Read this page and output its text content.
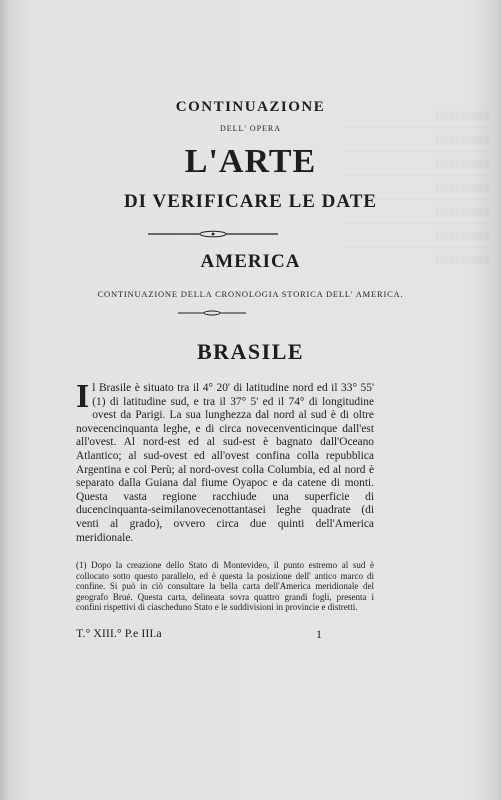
||||||||||||||||||||||||||||||
~~~~~~~~~~~~~~~~~~~~~~~~~~~~~~
||||||||||||||||||||||||||||||
~~~~~~~~~~~~~~~~~~~~~~~~~~~~~~
||||||||||||||||||||||||||||||
~~~~~~~~~~~~~~~~~~~~~~~~~~~~~~
||||||||||||||||||||||||||||||
~~~~~~~~~~~~~~~~~~~~~~~~~~~~~~
||||||||||||||||||||||||||||||
~~~~~~~~~~~~~~~~~~~~~~~~~~~~~~
||||||||||||||||||||||||||||||
~~~~~~~~~~~~~~~~~~~~~~~~~~~~~~
||||||||||||||||||||||||||||||

CONTINUAZIONE
DELL' OPERA
L'ARTE
DI VERIFICARE LE DATE
AMERICA
CONTINUAZIONE DELLA CRONOLOGIA STORICA DELL' AMERICA.
BRASILE
Il Brasile è situato tra il 4° 20' di latitudine nord ed il 33° 55' (1) di latitudine sud, e tra il 37° 5' ed il 74° di longitudine ovest da Parigi. La sua lunghezza dal nord al sud è di oltre novecencinquanta leghe, e di circa novecenventicinque dall'est all'ovest. Al nord-est ed al sud-est è bagnato dall'Oceano Atlantico; al sud-ovest ed all'ovest confina colla repubblica Argentina e col Perù; al nord-ovest colla Columbia, ed al nord è separato dalla Guiana dal fiume Oyapoc e da catene di monti. Questa vasta regione racchiude una superficie di ducencinquanta-seimilanovecenottantasei leghe quadrate (di venti al grado), ovvero circa due quinti dell'America meridionale.
(1) Dopo la creazione dello Stato di Montevideo, il punto estremo al sud è collocato sotto questo parallelo, ed è questa la posizione dell' antico marco di confine. Si può in ciò consultare la bella carta dell'America meridionale del geografo Brué. Questa carta, delineata sovra quattro grandi fogli, presenta i confini rispettivi di ciascheduno Stato e le suddivisioni in provincie e distretti.
T.° XIII.° P.e III.a	1
